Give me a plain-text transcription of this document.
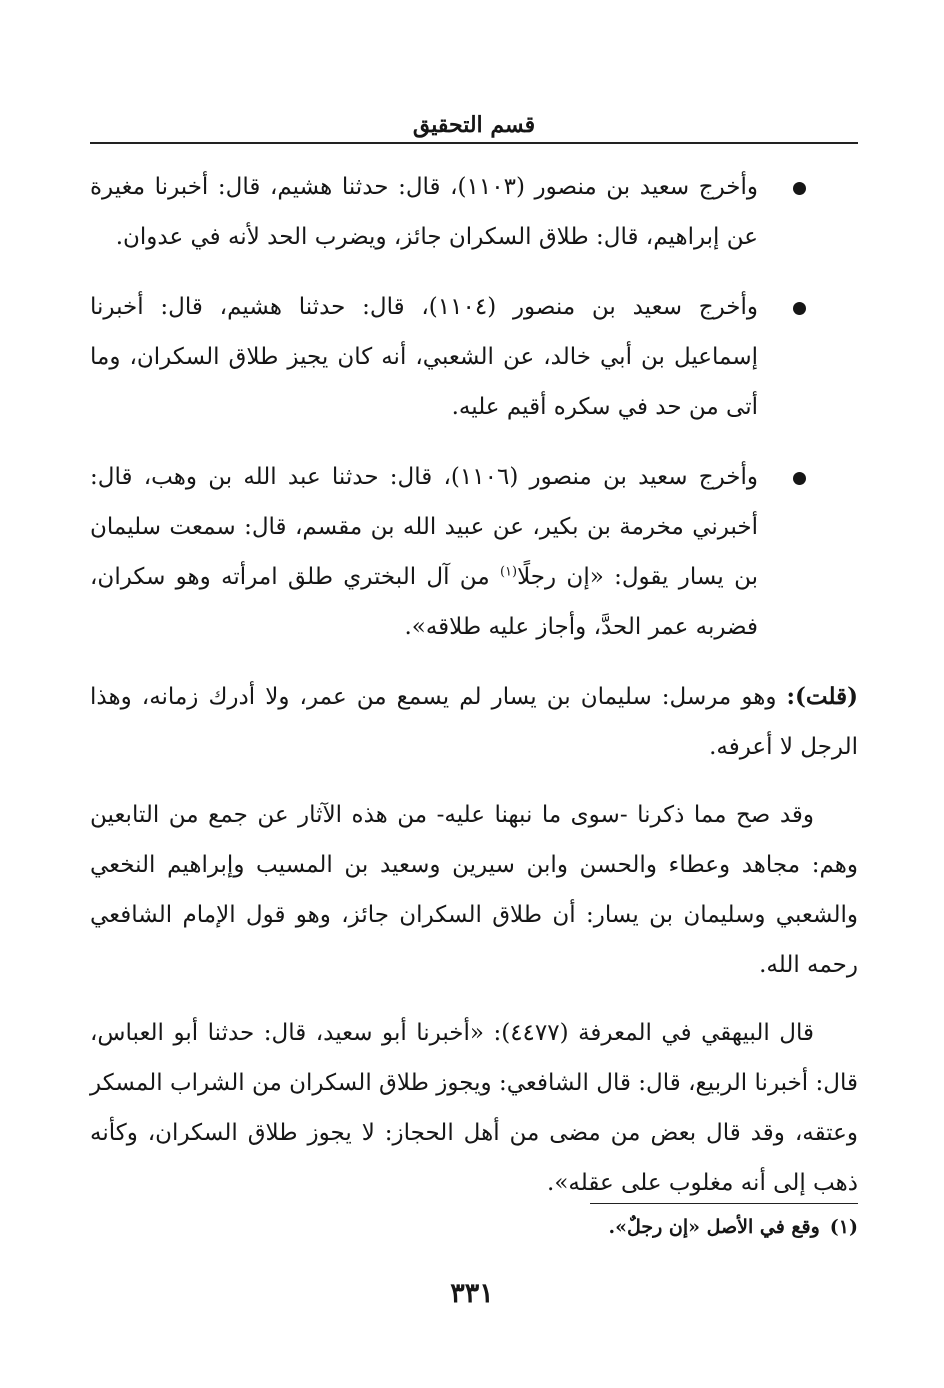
قسم التحقيق
وأخرج سعيد بن منصور (١١٠٣)، قال: حدثنا هشيم، قال: أخبرنا مغيرة عن إبراهيم، قال: طلاق السكران جائز، ويضرب الحد لأنه في عدوان.
وأخرج سعيد بن منصور (١١٠٤)، قال: حدثنا هشيم، قال: أخبرنا إسماعيل بن أبي خالد، عن الشعبي، أنه كان يجيز طلاق السكران، وما أتى من حد في سكره أقيم عليه.
وأخرج سعيد بن منصور (١١٠٦)، قال: حدثنا عبد الله بن وهب، قال: أخبرني مخرمة بن بكير، عن عبيد الله بن مقسم، قال: سمعت سليمان بن يسار يقول: «إن رجلًا$^{(١)}$ من آل البختري طلق امرأته وهو سكران، فضربه عمر الحدَّ، وأجاز عليه طلاقه».

(قلت): وهو مرسل: سليمان بن يسار لم يسمع من عمر، ولا أدرك زمانه، وهذا الرجل لا أعرفه.

وقد صح مما ذكرنا -سوى ما نبهنا عليه- من هذه الآثار عن جمع من التابعين وهم: مجاهد وعطاء والحسن وابن سيرين وسعيد بن المسيب وإبراهيم النخعي والشعبي وسليمان بن يسار: أن طلاق السكران جائز، وهو قول الإمام الشافعي رحمه الله.

قال البيهقي في المعرفة (٤٤٧٧): «أخبرنا أبو سعيد، قال: حدثنا أبو العباس، قال: أخبرنا الربيع، قال: قال الشافعي: ويجوز طلاق السكران من الشراب المسكر وعتقه، وقد قال بعض من مضى من أهل الحجاز: لا يجوز طلاق السكران، وكأنه ذهب إلى أنه مغلوب على عقله».

(١)وقع في الأصل «إن رجلٌ».
٣٣١
